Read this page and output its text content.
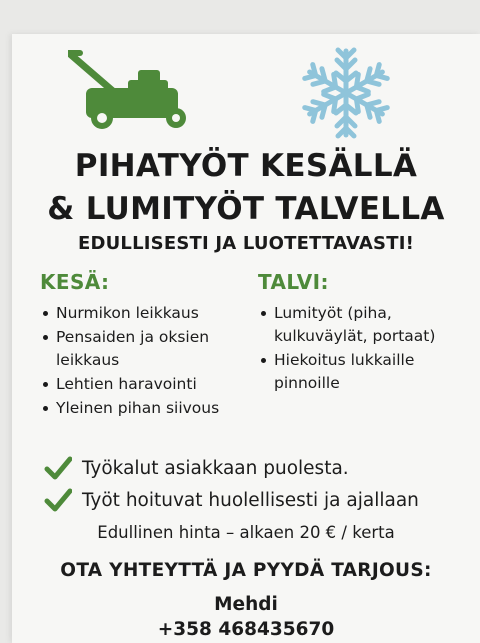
PIHATYÖT KESÄLLÄ
& LUMITYÖT TALVELLA
EDULLISESTI JA LUOTETTAVASTI!
KESÄ:
Nurmikon leikkaus
Pensaiden ja oksien leikkaus
Lehtien haravointi
Yleinen pihan siivous
TALVI:
Lumityöt (piha, kulkuväylät, portaat)
Hiekoitus lukkaille pinnoille
Työkalut asiakkaan puolesta.
Työt hoituvat huolellisesti ja ajallaan
Edullinen hinta – alkaen 20 € / kerta
OTA YHTEYTTÄ JA PYYDÄ TARJOUS:
Mehdi
+358 468435670
